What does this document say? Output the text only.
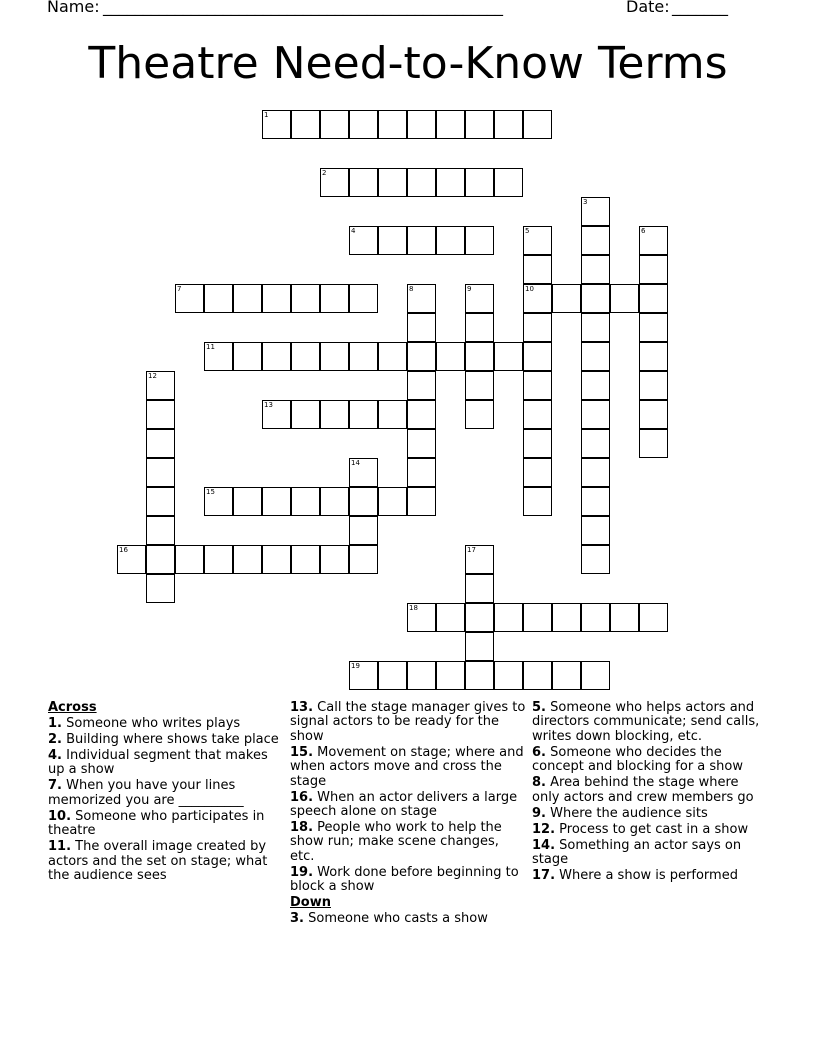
Name: __________________________________________________	Date: _______
Theatre Need-to-Know Terms
1
2
3
4	5	6
7	8	9	10
11
12
13
14
15
16	17
18
19
Across
1. Someone who writes plays
2. Building where shows take place
4. Individual segment that makes up a show
7. When you have your lines memorized you are __________
10. Someone who participates in theatre
11. The overall image created by actors and the set on stage; what the audience sees
13. Call the stage manager gives to signal actors to be ready for the show
15. Movement on stage; where and when actors move and cross the stage
16. When an actor delivers a large speech alone on stage
18. People who work to help the show run; make scene changes, etc.
19. Work done before beginning to block a show
Down
3. Someone who casts a show
5. Someone who helps actors and directors communicate; send calls, writes down blocking, etc.
6. Someone who decides the concept and blocking for a show
8. Area behind the stage where only actors and crew members go
9. Where the audience sits
12. Process to get cast in a show
14. Something an actor says on stage
17. Where a show is performed
